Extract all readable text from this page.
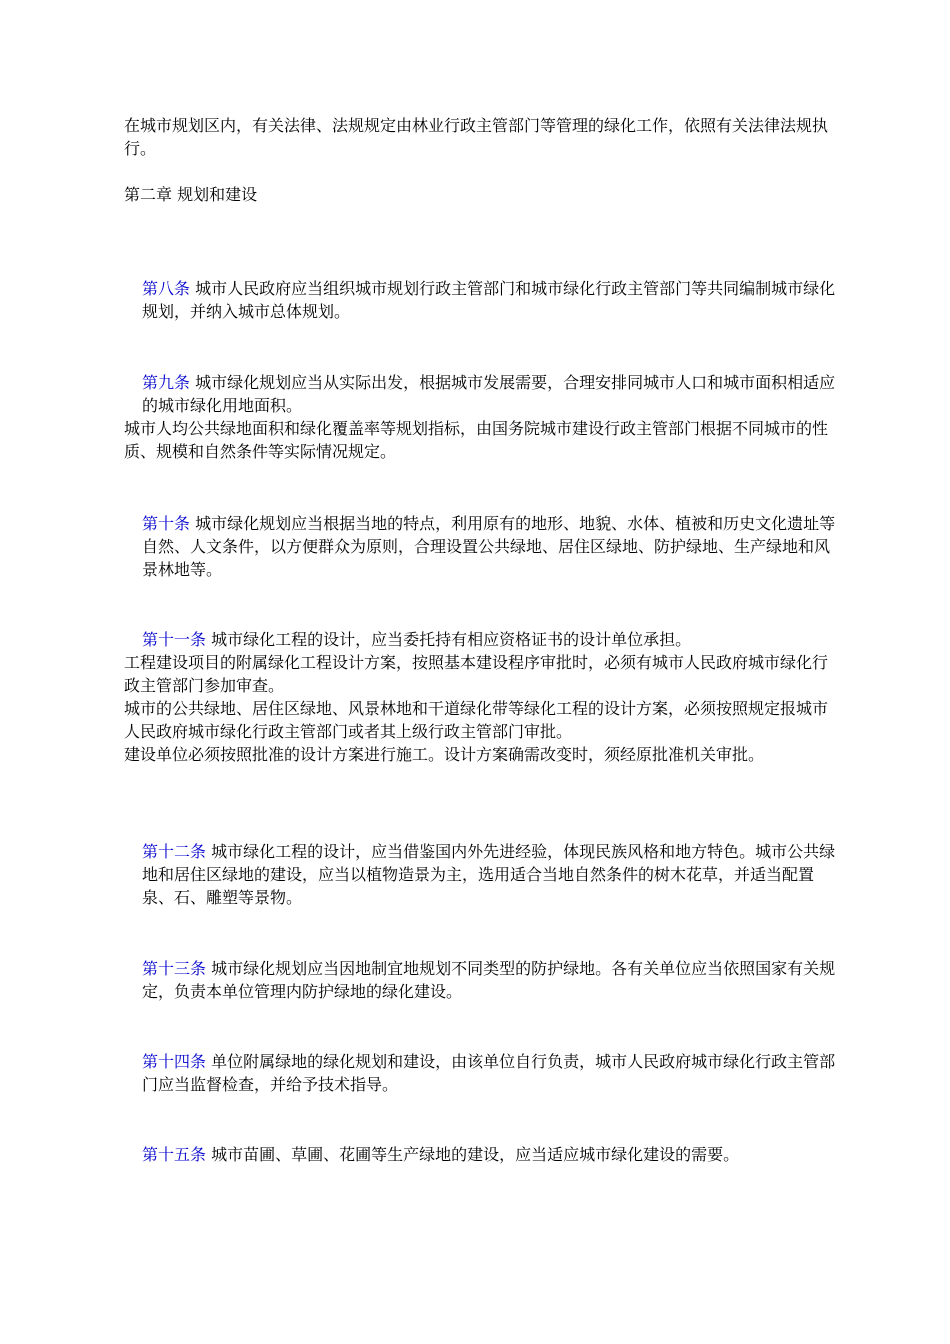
在城市规划区内，有关法律、法规规定由林业行政主管部门等管理的绿化工作，依照有关法律法规执行。

第二章 规划和建设

第八条 城市人民政府应当组织城市规划行政主管部门和城市绿化行政主管部门等共同编制城市绿化规划，并纳入城市总体规划。

第九条 城市绿化规划应当从实际出发，根据城市发展需要，合理安排同城市人口和城市面积相适应的城市绿化用地面积。

城市人均公共绿地面积和绿化覆盖率等规划指标，由国务院城市建设行政主管部门根据不同城市的性质、规模和自然条件等实际情况规定。

第十条 城市绿化规划应当根据当地的特点，利用原有的地形、地貌、水体、植被和历史文化遗址等自然、人文条件，以方便群众为原则，合理设置公共绿地、居住区绿地、防护绿地、生产绿地和风景林地等。

第十一条 城市绿化工程的设计，应当委托持有相应资格证书的设计单位承担。

工程建设项目的附属绿化工程设计方案，按照基本建设程序审批时，必须有城市人民政府城市绿化行政主管部门参加审查。

城市的公共绿地、居住区绿地、风景林地和干道绿化带等绿化工程的设计方案，必须按照规定报城市人民政府城市绿化行政主管部门或者其上级行政主管部门审批。

建设单位必须按照批准的设计方案进行施工。设计方案确需改变时，须经原批准机关审批。

第十二条 城市绿化工程的设计，应当借鉴国内外先进经验，体现民族风格和地方特色。城市公共绿地和居住区绿地的建设，应当以植物造景为主，选用适合当地自然条件的树木花草，并适当配置泉、石、雕塑等景物。

第十三条 城市绿化规划应当因地制宜地规划不同类型的防护绿地。各有关单位应当依照国家有关规定，负责本单位管理内防护绿地的绿化建设。

第十四条 单位附属绿地的绿化规划和建设，由该单位自行负责，城市人民政府城市绿化行政主管部门应当监督检查，并给予技术指导。

第十五条 城市苗圃、草圃、花圃等生产绿地的建设，应当适应城市绿化建设的需要。
